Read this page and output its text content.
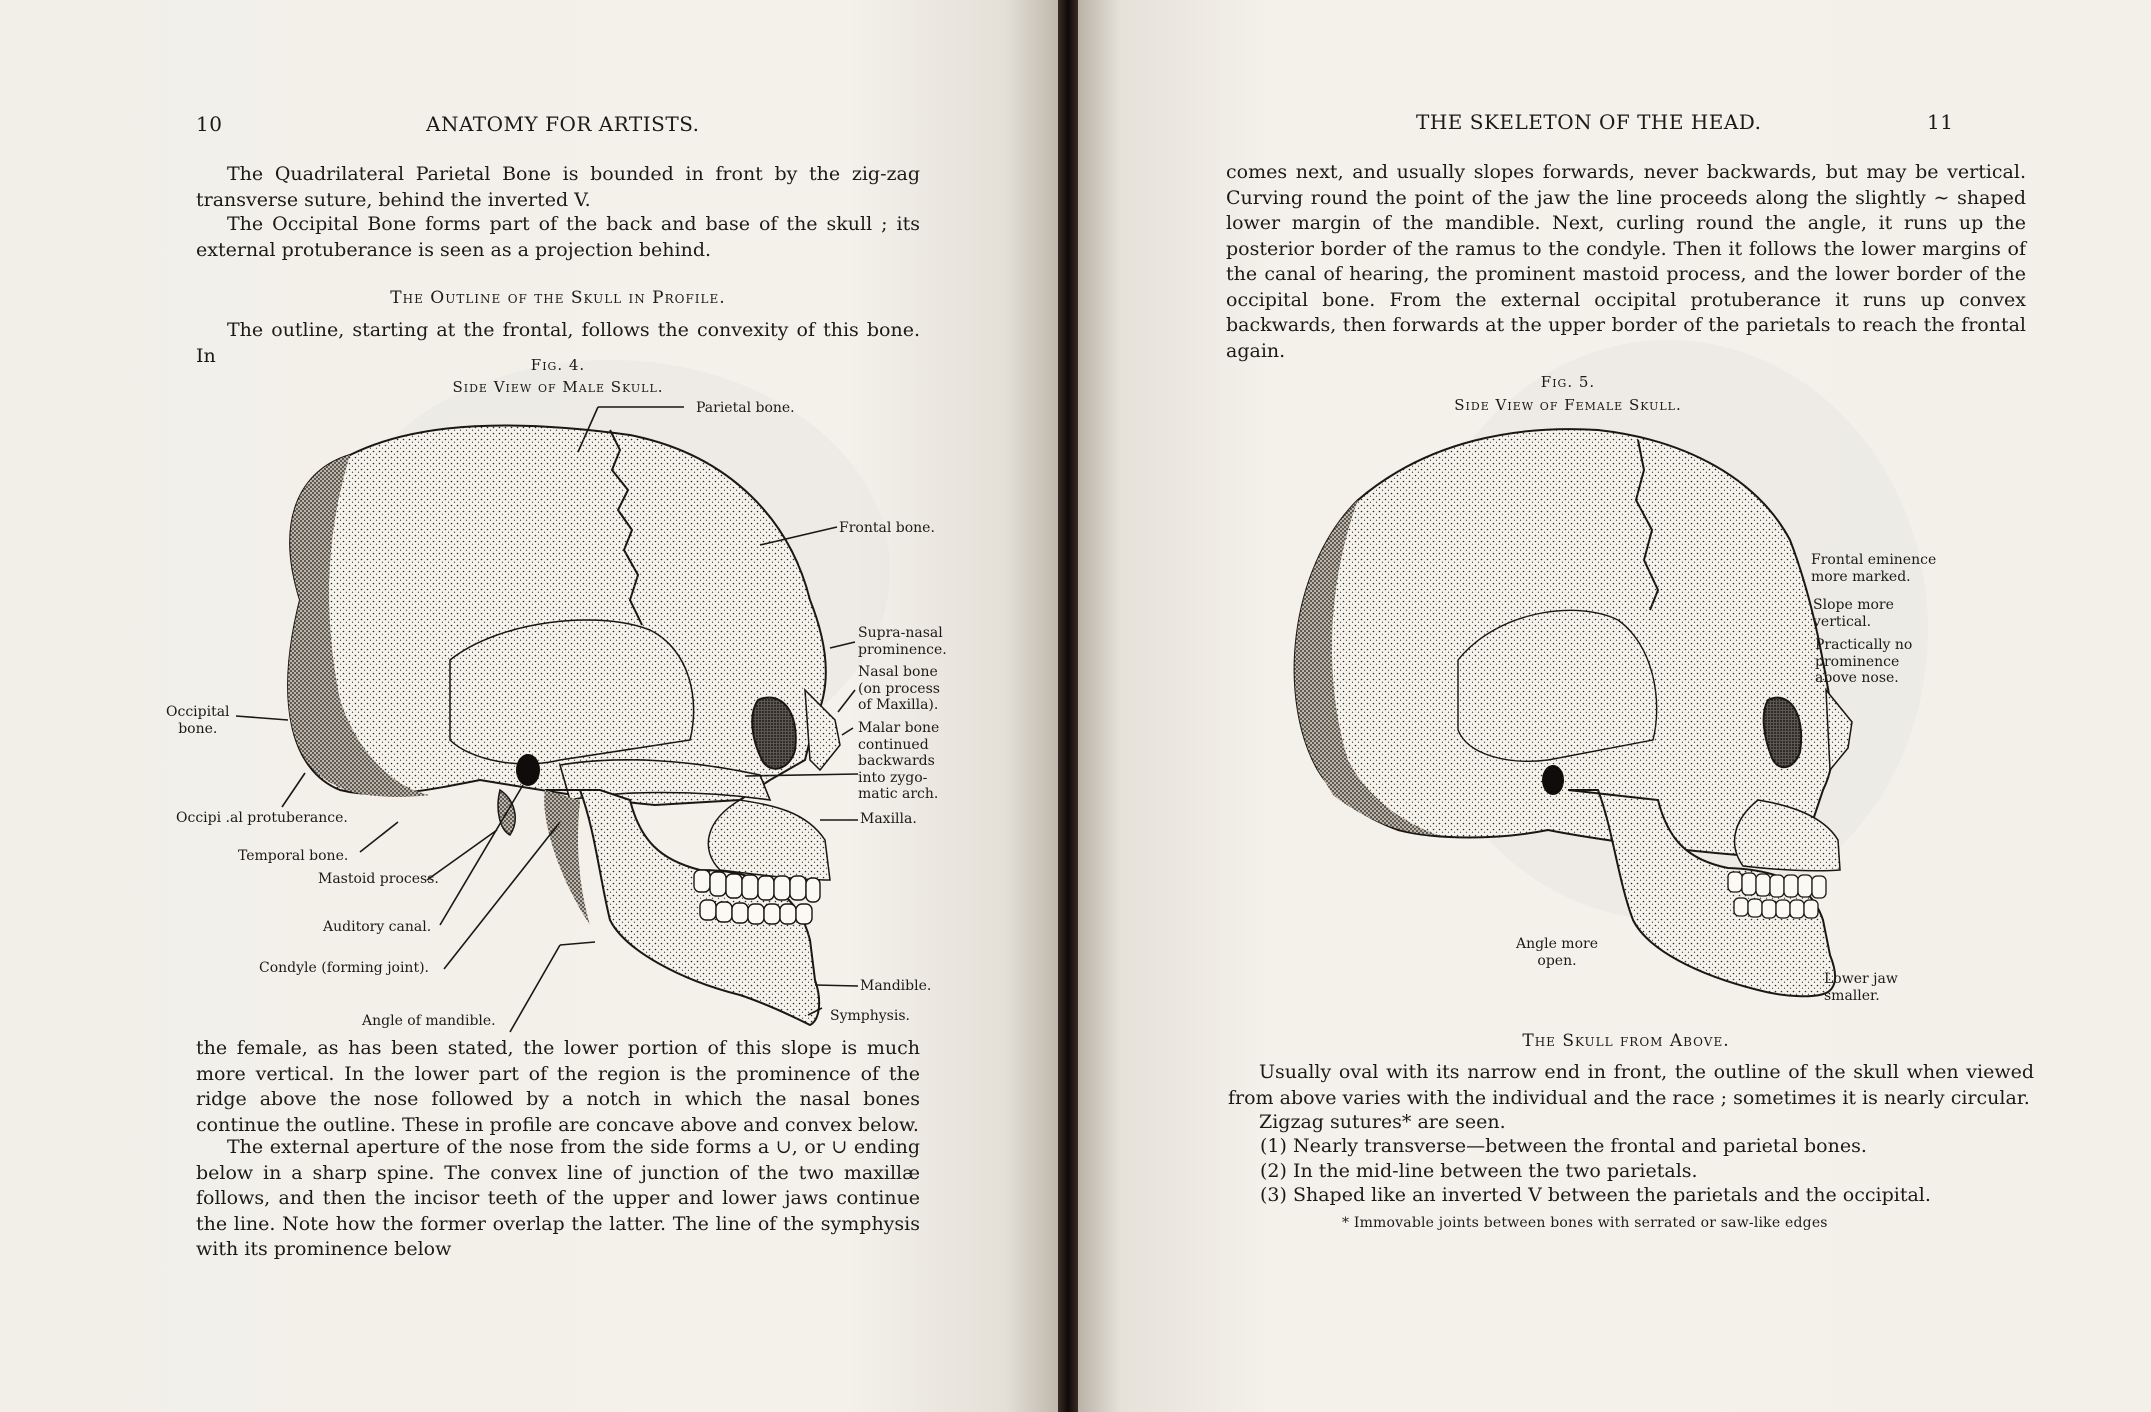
10	ANATOMY FOR ARTISTS.
The Quadrilateral Parietal Bone is bounded in front by the zig-zag transverse suture, behind the inverted V.
The Occipital Bone forms part of the back and base of the skull ; its external protuberance is seen as a projection behind.
The Outline of the Skull in Profile.
The outline, starting at the frontal, follows the convexity of this bone. In	Fig. 4.
Side View of Male Skull.
Parietal bone.
Frontal bone.
Supra-nasal
prominence.
Nasal bone
(on process
of Maxilla).
Malar bone
continued
backwards
into zygo-
matic arch.
Maxilla.
Mandible.
Symphysis.
Occipital
bone.
Occipi .al protuberance.
Temporal bone.
Mastoid process.
Auditory canal.
Condyle (forming joint).
Angle of mandible.
the female, as has been stated, the lower portion of this slope is much more vertical. In the lower part of the region is the prominence of the ridge above the nose followed by a notch in which the nasal bones continue the outline. These in profile are concave above and convex below.
The external aperture of the nose from the side forms a ∪, or ∪ ending below in a sharp spine. The convex line of junction of the two maxillæ follows, and then the incisor teeth of the upper and lower jaws continue the line. Note how the former overlap the latter. The line of the symphysis with its prominence below
THE SKELETON OF THE HEAD.	11
comes next, and usually slopes forwards, never backwards, but may be vertical. Curving round the point of the jaw the line proceeds along the slightly ∼ shaped lower margin of the mandible. Next, curling round the angle, it runs up the posterior border of the ramus to the condyle. Then it follows the lower margins of the canal of hearing, the prominent mastoid process, and the lower border of the occipital bone. From the external occipital protuberance it runs up convex backwards, then forwards at the upper border of the parietals to reach the frontal again.
Fig. 5.
Side View of Female Skull.
Frontal eminence
more marked.
Slope more
vertical.
Practically no
prominence
above nose.
Angle more
open.
Lower jaw
smaller.
The Skull from Above.
Usually oval with its narrow end in front, the outline of the skull when viewed from above varies with the individual and the race ; sometimes it is nearly circular.
Zigzag sutures* are seen.
(1) Nearly transverse—between the frontal and parietal bones.
(2) In the mid-line between the two parietals.
(3) Shaped like an inverted V between the parietals and the occipital.
* Immovable joints between bones with serrated or saw-like edges
